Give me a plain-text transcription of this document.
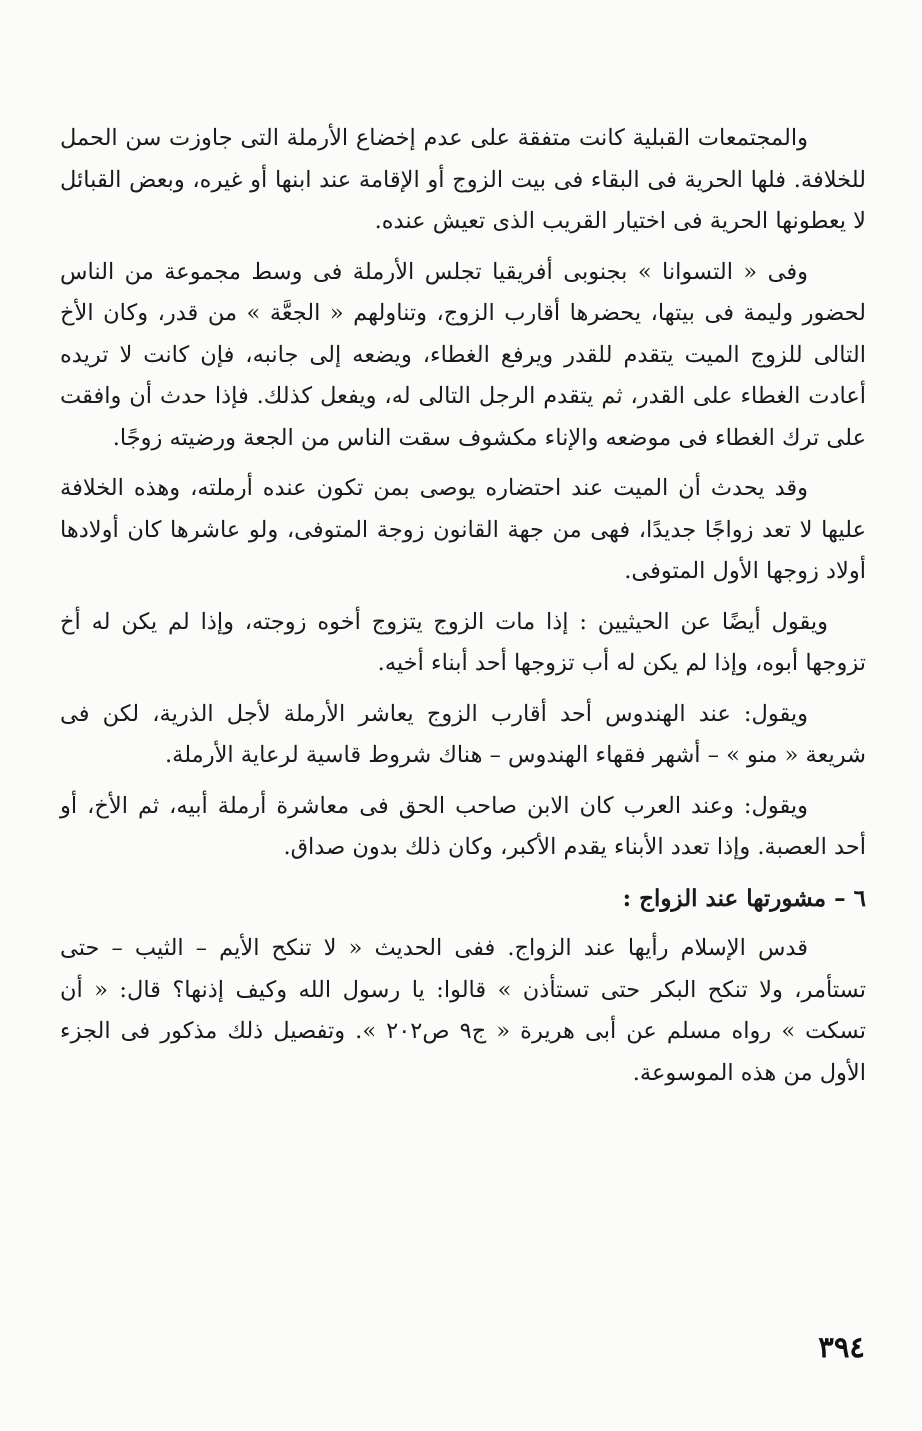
والمجتمعات القبلية كانت متفقة على عدم إخضاع الأرملة التى جاوزت سن الحمل للخلافة. فلها الحرية فى البقاء فى بيت الزوج أو الإقامة عند ابنها أو غيره، وبعض القبائل لا يعطونها الحرية فى اختيار القريب الذى تعيش عنده.

وفى « التسوانا » بجنوبى أفريقيا تجلس الأرملة فى وسط مجموعة من الناس لحضور وليمة فى بيتها، يحضرها أقارب الزوج، وتناولهم « الجعَّة » من قدر، وكان الأخ التالى للزوج الميت يتقدم للقدر ويرفع الغطاء، ويضعه إلى جانبه، فإن كانت لا تريده أعادت الغطاء على القدر، ثم يتقدم الرجل التالى له، ويفعل كذلك. فإذا حدث أن وافقت على ترك الغطاء فى موضعه والإناء مكشوف سقت الناس من الجعة ورضيته زوجًا.

وقد يحدث أن الميت عند احتضاره يوصى بمن تكون عنده أرملته، وهذه الخلافة عليها لا تعد زواجًا جديدًا، فهى من جهة القانون زوجة المتوفى، ولو عاشرها كان أولادها أولاد زوجها الأول المتوفى.

ويقول أيضًا عن الحيثيين : إذا مات الزوج يتزوج أخوه زوجته، وإذا لم يكن له أخ تزوجها أبوه، وإذا لم يكن له أب تزوجها أحد أبناء أخيه.

ويقول: عند الهندوس أحد أقارب الزوج يعاشر الأرملة لأجل الذرية، لكن فى شريعة « منو » – أشهر فقهاء الهندوس – هناك شروط قاسية لرعاية الأرملة.

ويقول: وعند العرب كان الابن صاحب الحق فى معاشرة أرملة أبيه، ثم الأخ، أو أحد العصبة. وإذا تعدد الأبناء يقدم الأكبر، وكان ذلك بدون صداق.

٦ – مشورتها عند الزواج :

قدس الإسلام رأيها عند الزواج. ففى الحديث « لا تنكح الأيم – الثيب – حتى تستأمر، ولا تنكح البكر حتى تستأذن » قالوا: يا رسول الله وكيف إذنها؟ قال: « أن تسكت » رواه مسلم عن أبى هريرة « ج٩ ص٢٠٢ ». وتفصيل ذلك مذكور فى الجزء الأول من هذه الموسوعة.

٣٩٤
